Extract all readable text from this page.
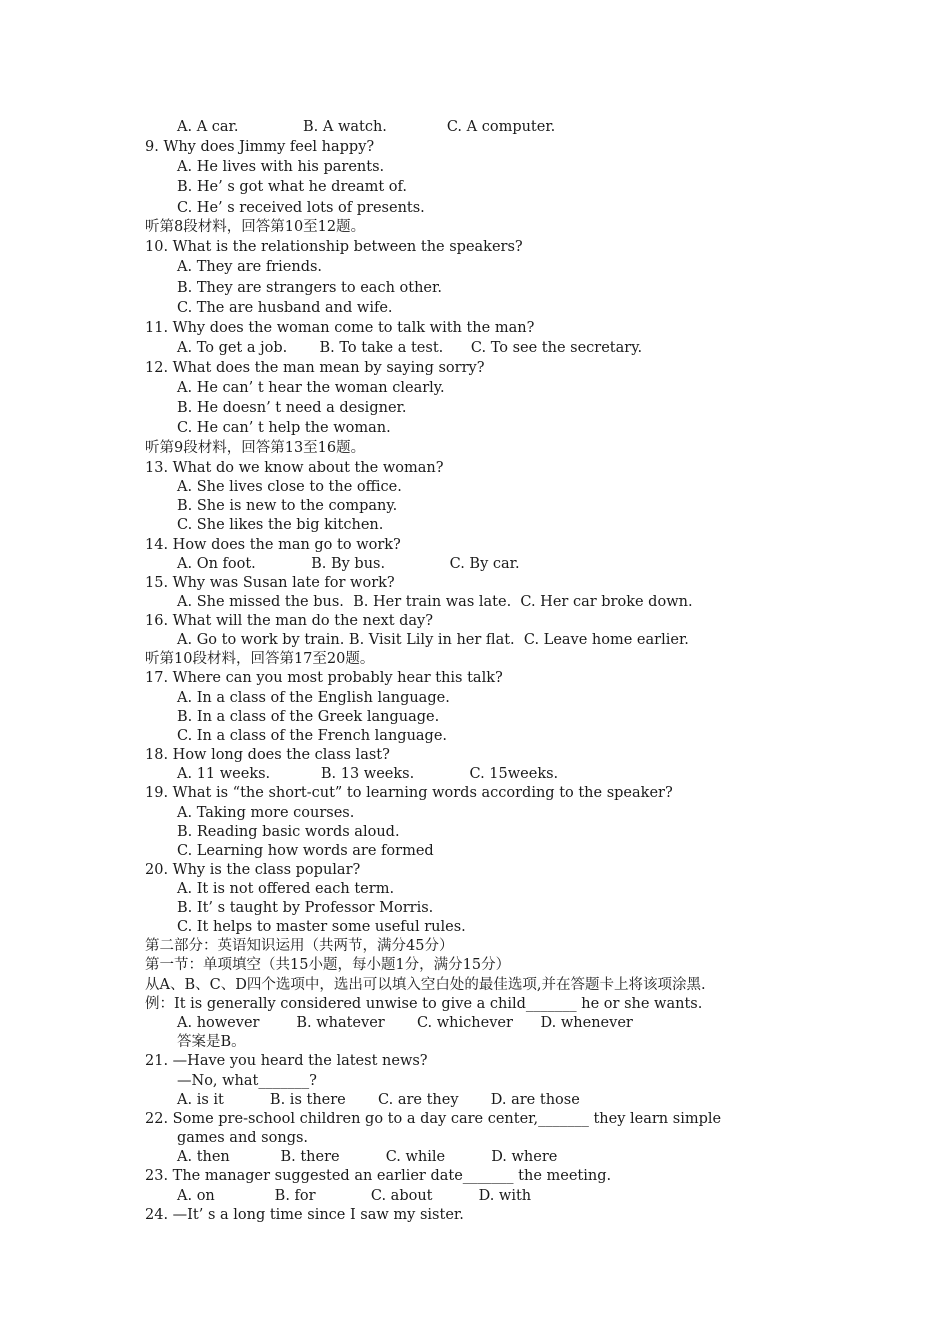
A. A car.              B. A watch.             C. A computer.
9. Why does Jimmy feel happy?
A. He lives with his parents.
B. He’ s got what he dreamt of.
C. He’ s received lots of presents.
听第8段材料，回答第10至12题。
10. What is the relationship between the speakers?
A. They are friends.
B. They are strangers to each other.
C. The are husband and wife.
11. Why does the woman come to talk with the man?
A. To get a job.       B. To take a test.      C. To see the secretary.
12. What does the man mean by saying sorry?
A. He can’ t hear the woman clearly.
B. He doesn’ t need a designer.
C. He can’ t help the woman.
听第9段材料，回答第13至16题。
13. What do we know about the woman?
A. She lives close to the office.
B. She is new to the company.
C. She likes the big kitchen.
14. How does the man go to work?
A. On foot.            B. By bus.              C. By car.
15. Why was Susan late for work?
A. She missed the bus.  B. Her train was late.  C. Her car broke down.
16. What will the man do the next day?
A. Go to work by train. B. Visit Lily in her flat.  C. Leave home earlier.
听第10段材料，回答第17至20题。
17. Where can you most probably hear this talk?
A. In a class of the English language.
B. In a class of the Greek language.
C. In a class of the French language.
18. How long does the class last?
A. 11 weeks.           B. 13 weeks.            C. 15weeks.
19. What is “the short-cut” to learning words according to the speaker?
A. Taking more courses.
B. Reading basic words aloud.
C. Learning how words are formed
20. Why is the class popular?
A. It is not offered each term.
B. It’ s taught by Professor Morris.
C. It helps to master some useful rules.
第二部分：英语知识运用（共两节，满分45分）
第一节：单项填空（共15小题，每小题1分，满分15分）
从A、B、C、D四个选项中，选出可以填入空白处的最佳选项,并在答题卡上将该项涂黑.
例：It is generally considered unwise to give a child_______ he or she wants.
A. however        B. whatever       C. whichever      D. whenever
答案是B。
21. —Have you heard the latest news?
—No, what_______?
A. is it          B. is there       C. are they       D. are those
22. Some pre-school children go to a day care center,_______ they learn simple
games and songs.
A. then           B. there          C. while          D. where
23. The manager suggested an earlier date_______ the meeting.
A. on             B. for            C. about          D. with
24. —It’ s a long time since I saw my sister.
